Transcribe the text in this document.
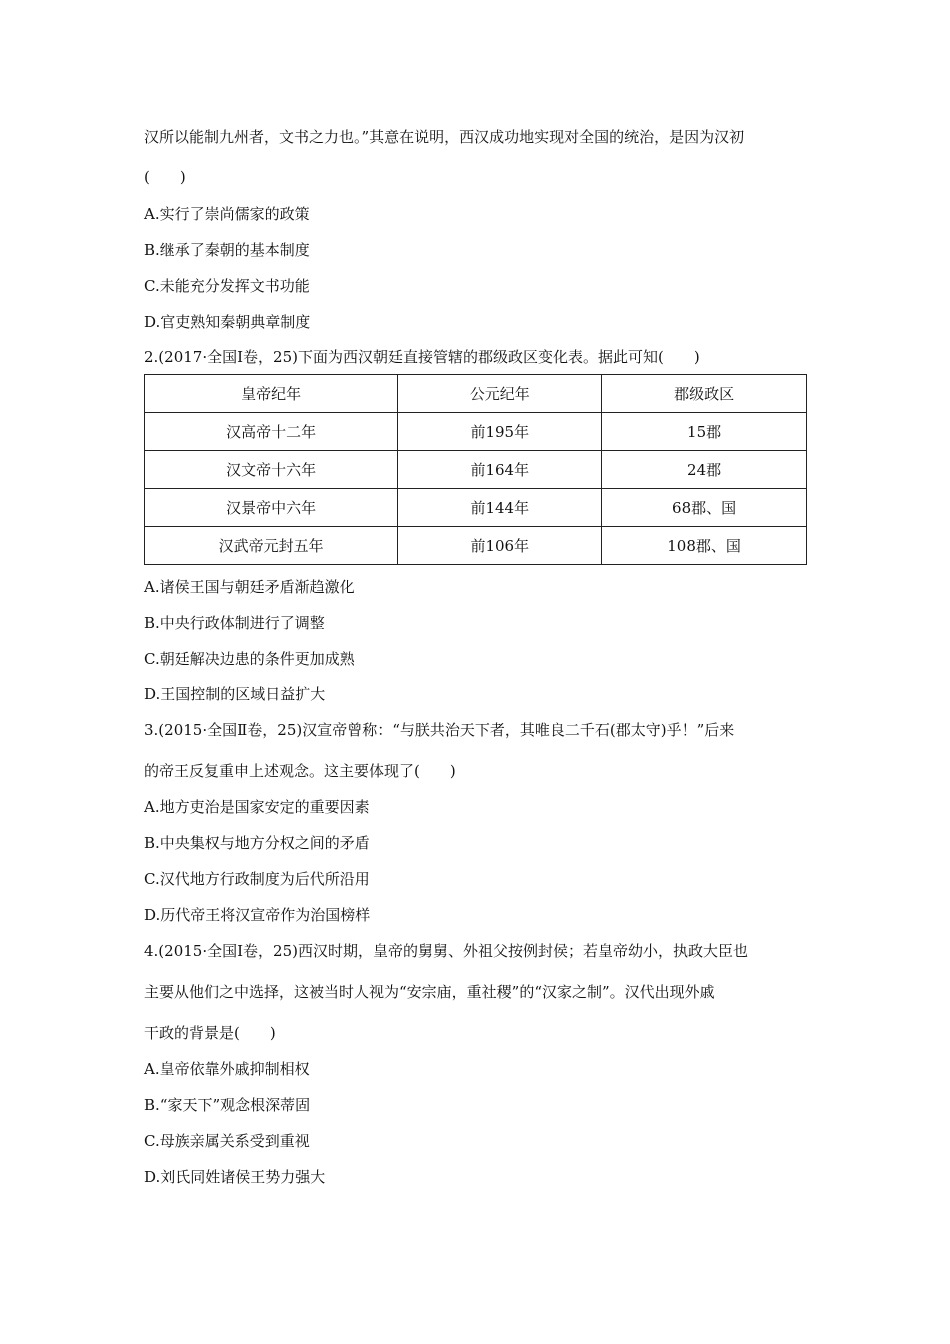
汉所以能制九州者，文书之力也。”其意在说明，西汉成功地实现对全国的统治，是因为汉初
(　　)
A.实行了崇尚儒家的政策
B.继承了秦朝的基本制度
C.未能充分发挥文书功能
D.官吏熟知秦朝典章制度
2.(2017·全国Ⅰ卷，25)下面为西汉朝廷直接管辖的郡级政区变化表。据此可知(　　)
皇帝纪年	公元纪年	郡级政区
汉高帝十二年	前195年	15郡
汉文帝十六年	前164年	24郡
汉景帝中六年	前144年	68郡、国
汉武帝元封五年	前106年	108郡、国
A.诸侯王国与朝廷矛盾渐趋激化
B.中央行政体制进行了调整
C.朝廷解决边患的条件更加成熟
D.王国控制的区域日益扩大
3.(2015·全国Ⅱ卷，25)汉宣帝曾称：“与朕共治天下者，其唯良二千石(郡太守)乎！”后来
的帝王反复重申上述观念。这主要体现了(　　)
A.地方吏治是国家安定的重要因素
B.中央集权与地方分权之间的矛盾
C.汉代地方行政制度为后代所沿用
D.历代帝王将汉宣帝作为治国榜样
4.(2015·全国Ⅰ卷，25)西汉时期，皇帝的舅舅、外祖父按例封侯；若皇帝幼小，执政大臣也
主要从他们之中选择，这被当时人视为“安宗庙，重社稷”的“汉家之制”。汉代出现外戚
干政的背景是(　　)
A.皇帝依靠外戚抑制相权
B.“家天下”观念根深蒂固
C.母族亲属关系受到重视
D.刘氏同姓诸侯王势力强大
